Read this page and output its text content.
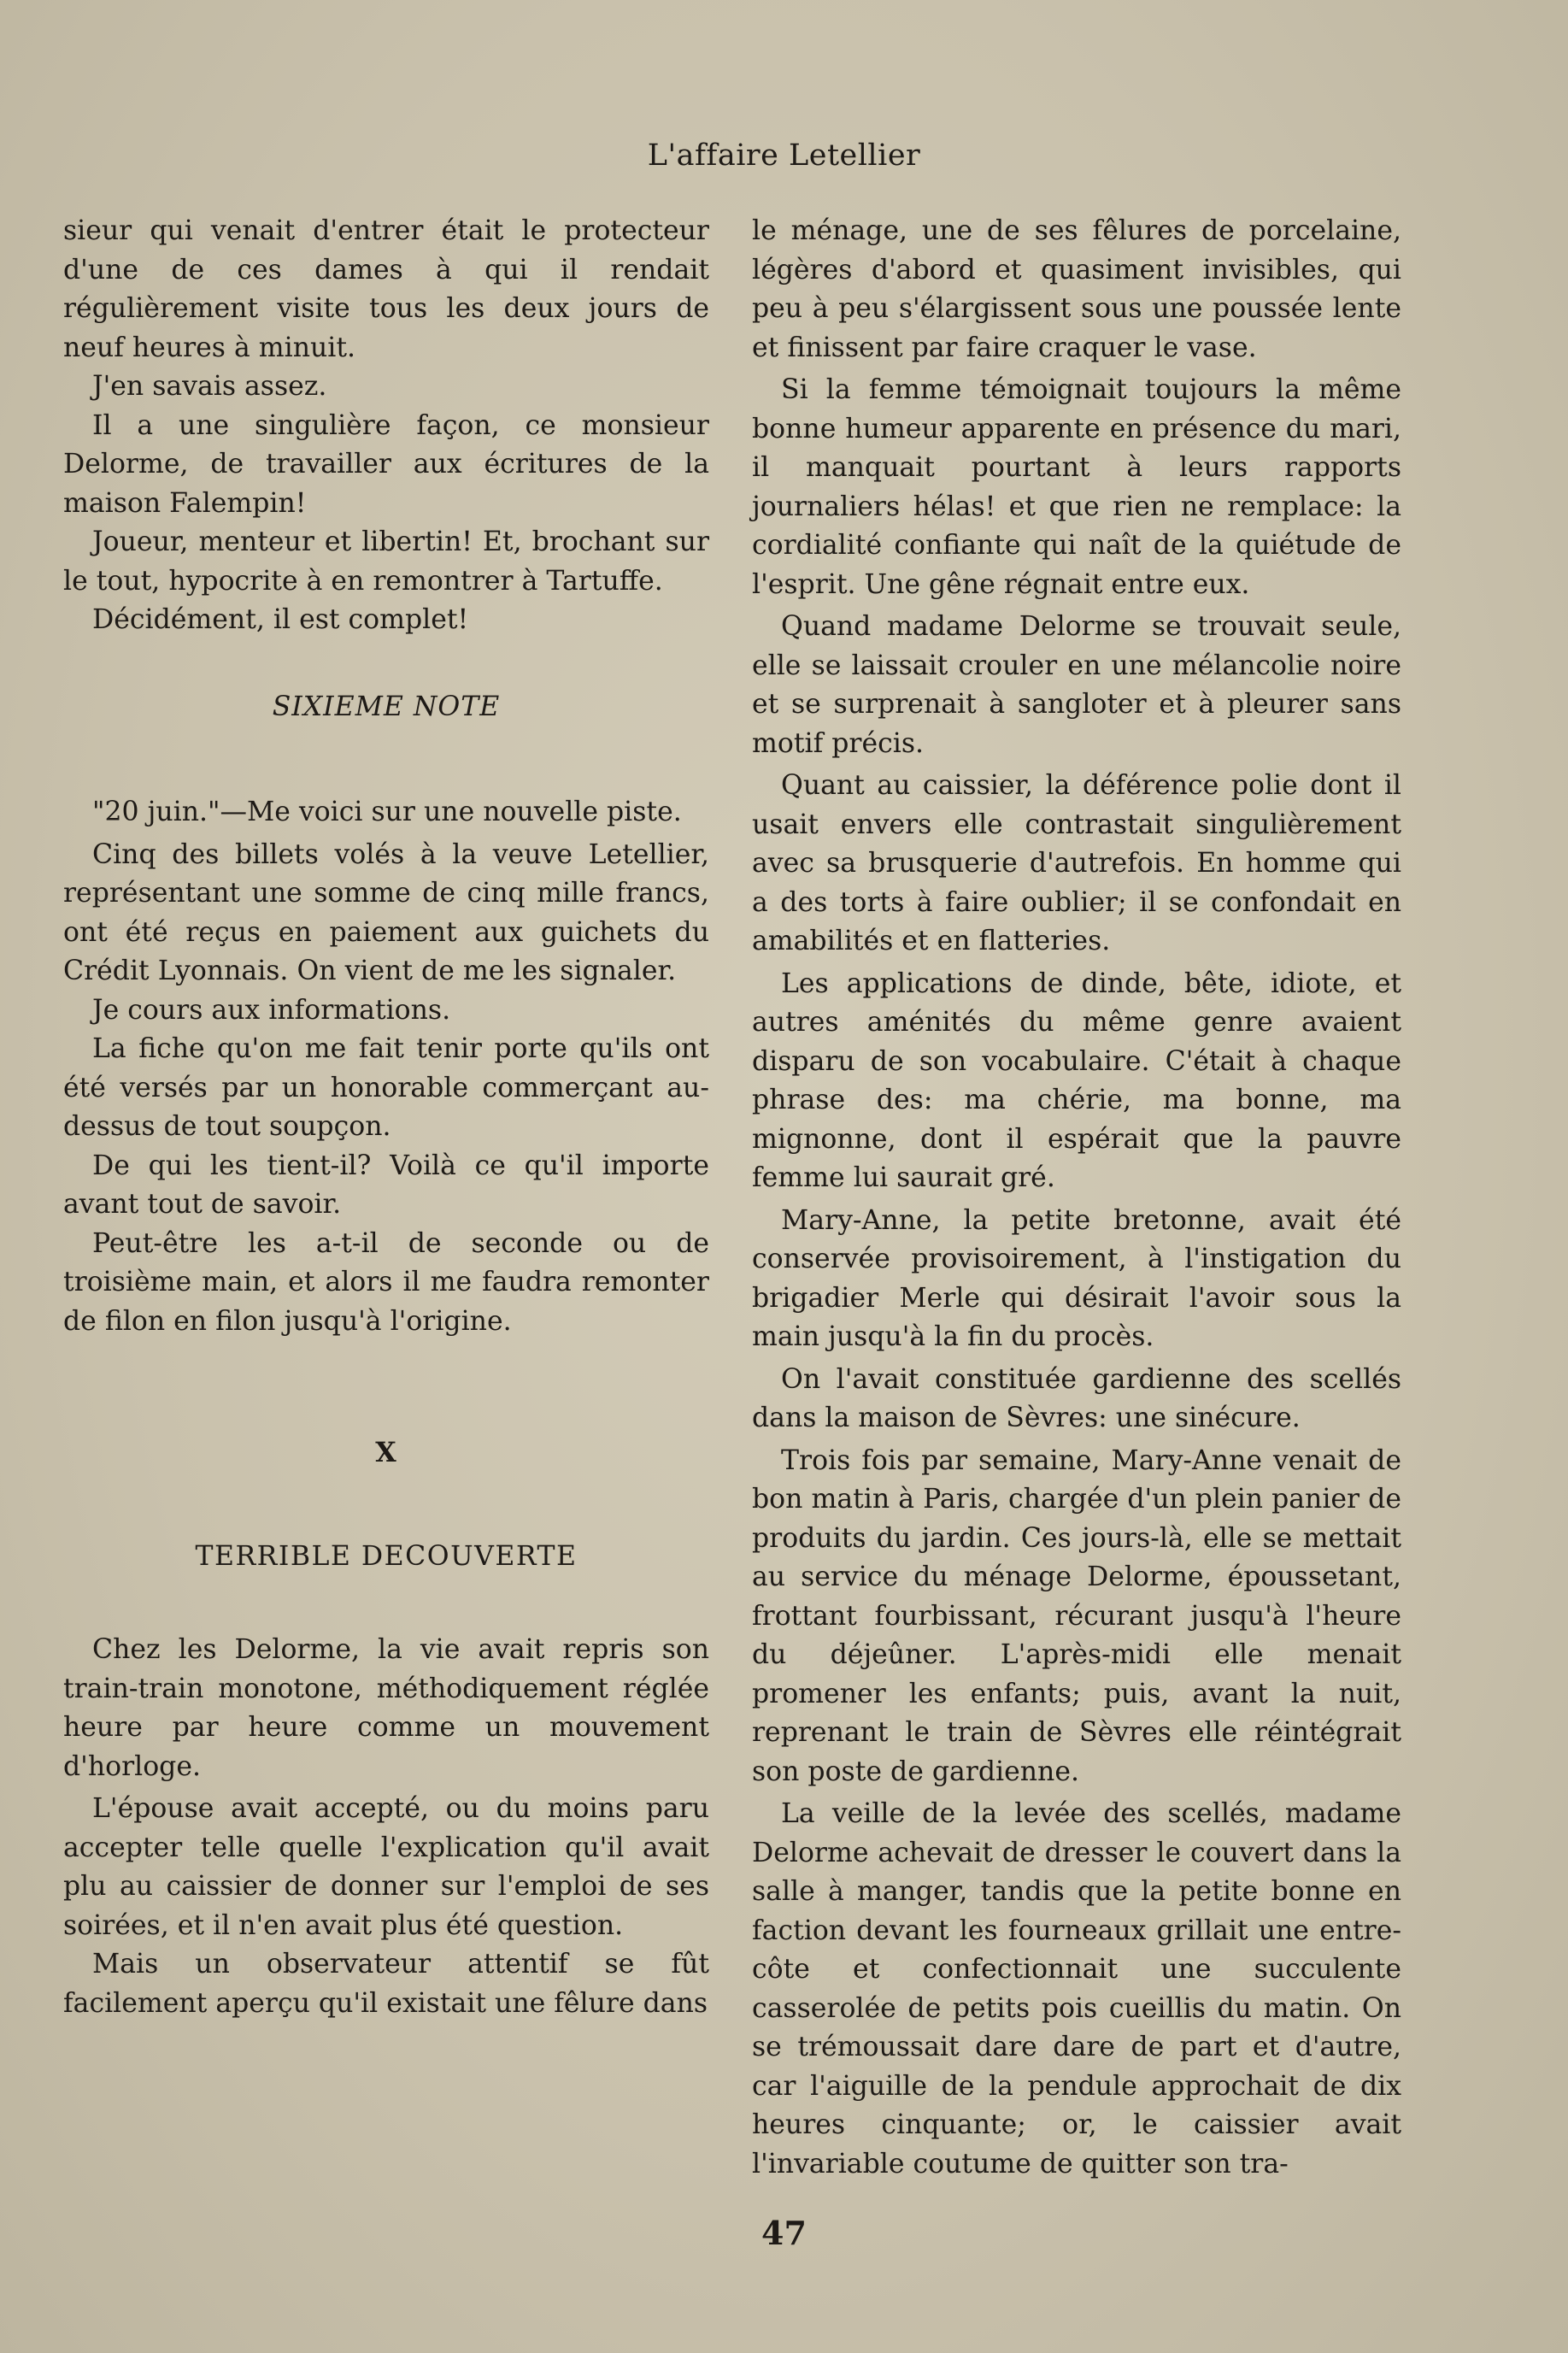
L'affaire Letellier

sieur qui venait d'entrer était le protecteur d'une de ces dames à qui il rendait régulièrement visite tous les deux jours de neuf heures à minuit.

J'en savais assez.

Il a une singulière façon, ce monsieur Delorme, de travailler aux écritures de la maison Falempin!

Joueur, menteur et libertin! Et, brochant sur le tout, hypocrite à en remontrer à Tartuffe.

Décidément, il est complet!

SIXIEME NOTE

"20 juin."—Me voici sur une nouvelle piste.

Cinq des billets volés à la veuve Letellier, représentant une somme de cinq mille francs, ont été reçus en paiement aux guichets du Crédit Lyonnais. On vient de me les signaler.

Je cours aux informations.

La fiche qu'on me fait tenir porte qu'ils ont été versés par un honorable commerçant au-dessus de tout soupçon.

De qui les tient-il? Voilà ce qu'il importe avant tout de savoir.

Peut-être les a-t-il de seconde ou de troisième main, et alors il me faudra remonter de filon en filon jusqu'à l'origine.

X

TERRIBLE DECOUVERTE

Chez les Delorme, la vie avait repris son train-train monotone, méthodiquement réglée heure par heure comme un mouvement d'horloge.

L'épouse avait accepté, ou du moins paru accepter telle quelle l'explication qu'il avait plu au caissier de donner sur l'emploi de ses soirées, et il n'en avait plus été question.

Mais un observateur attentif se fût facilement aperçu qu'il existait une fêlure dans

le ménage, une de ses fêlures de porcelaine, légères d'abord et quasiment invisibles, qui peu à peu s'élargissent sous une poussée lente et finissent par faire craquer le vase.

Si la femme témoignait toujours la même bonne humeur apparente en présence du mari, il manquait pourtant à leurs rapports journaliers hélas! et que rien ne remplace: la cordialité confiante qui naît de la quiétude de l'esprit. Une gêne régnait entre eux.

Quand madame Delorme se trouvait seule, elle se laissait crouler en une mélancolie noire et se surprenait à sangloter et à pleurer sans motif précis.

Quant au caissier, la déférence polie dont il usait envers elle contrastait singulièrement avec sa brusquerie d'autrefois. En homme qui a des torts à faire oublier; il se confondait en amabilités et en flatteries.

Les applications de dinde, bête, idiote, et autres aménités du même genre avaient disparu de son vocabulaire. C'était à chaque phrase des: ma chérie, ma bonne, ma mignonne, dont il espérait que la pauvre femme lui saurait gré.

Mary-Anne, la petite bretonne, avait été conservée provisoirement, à l'instigation du brigadier Merle qui désirait l'avoir sous la main jusqu'à la fin du procès.

On l'avait constituée gardienne des scellés dans la maison de Sèvres: une sinécure.

Trois fois par semaine, Mary-Anne venait de bon matin à Paris, chargée d'un plein panier de produits du jardin. Ces jours-là, elle se mettait au service du ménage Delorme, époussetant, frottant fourbissant, récurant jusqu'à l'heure du déjeûner. L'après-midi elle menait promener les enfants; puis, avant la nuit, reprenant le train de Sèvres elle réintégrait son poste de gardienne.

La veille de la levée des scellés, madame Delorme achevait de dresser le couvert dans la salle à manger, tandis que la petite bonne en faction devant les fourneaux grillait une entre-côte et confectionnait une succulente casserolée de petits pois cueillis du matin. On se trémoussait dare dare de part et d'autre, car l'aiguille de la pendule approchait de dix heures cinquante; or, le caissier avait l'invariable coutume de quitter son tra-

47
